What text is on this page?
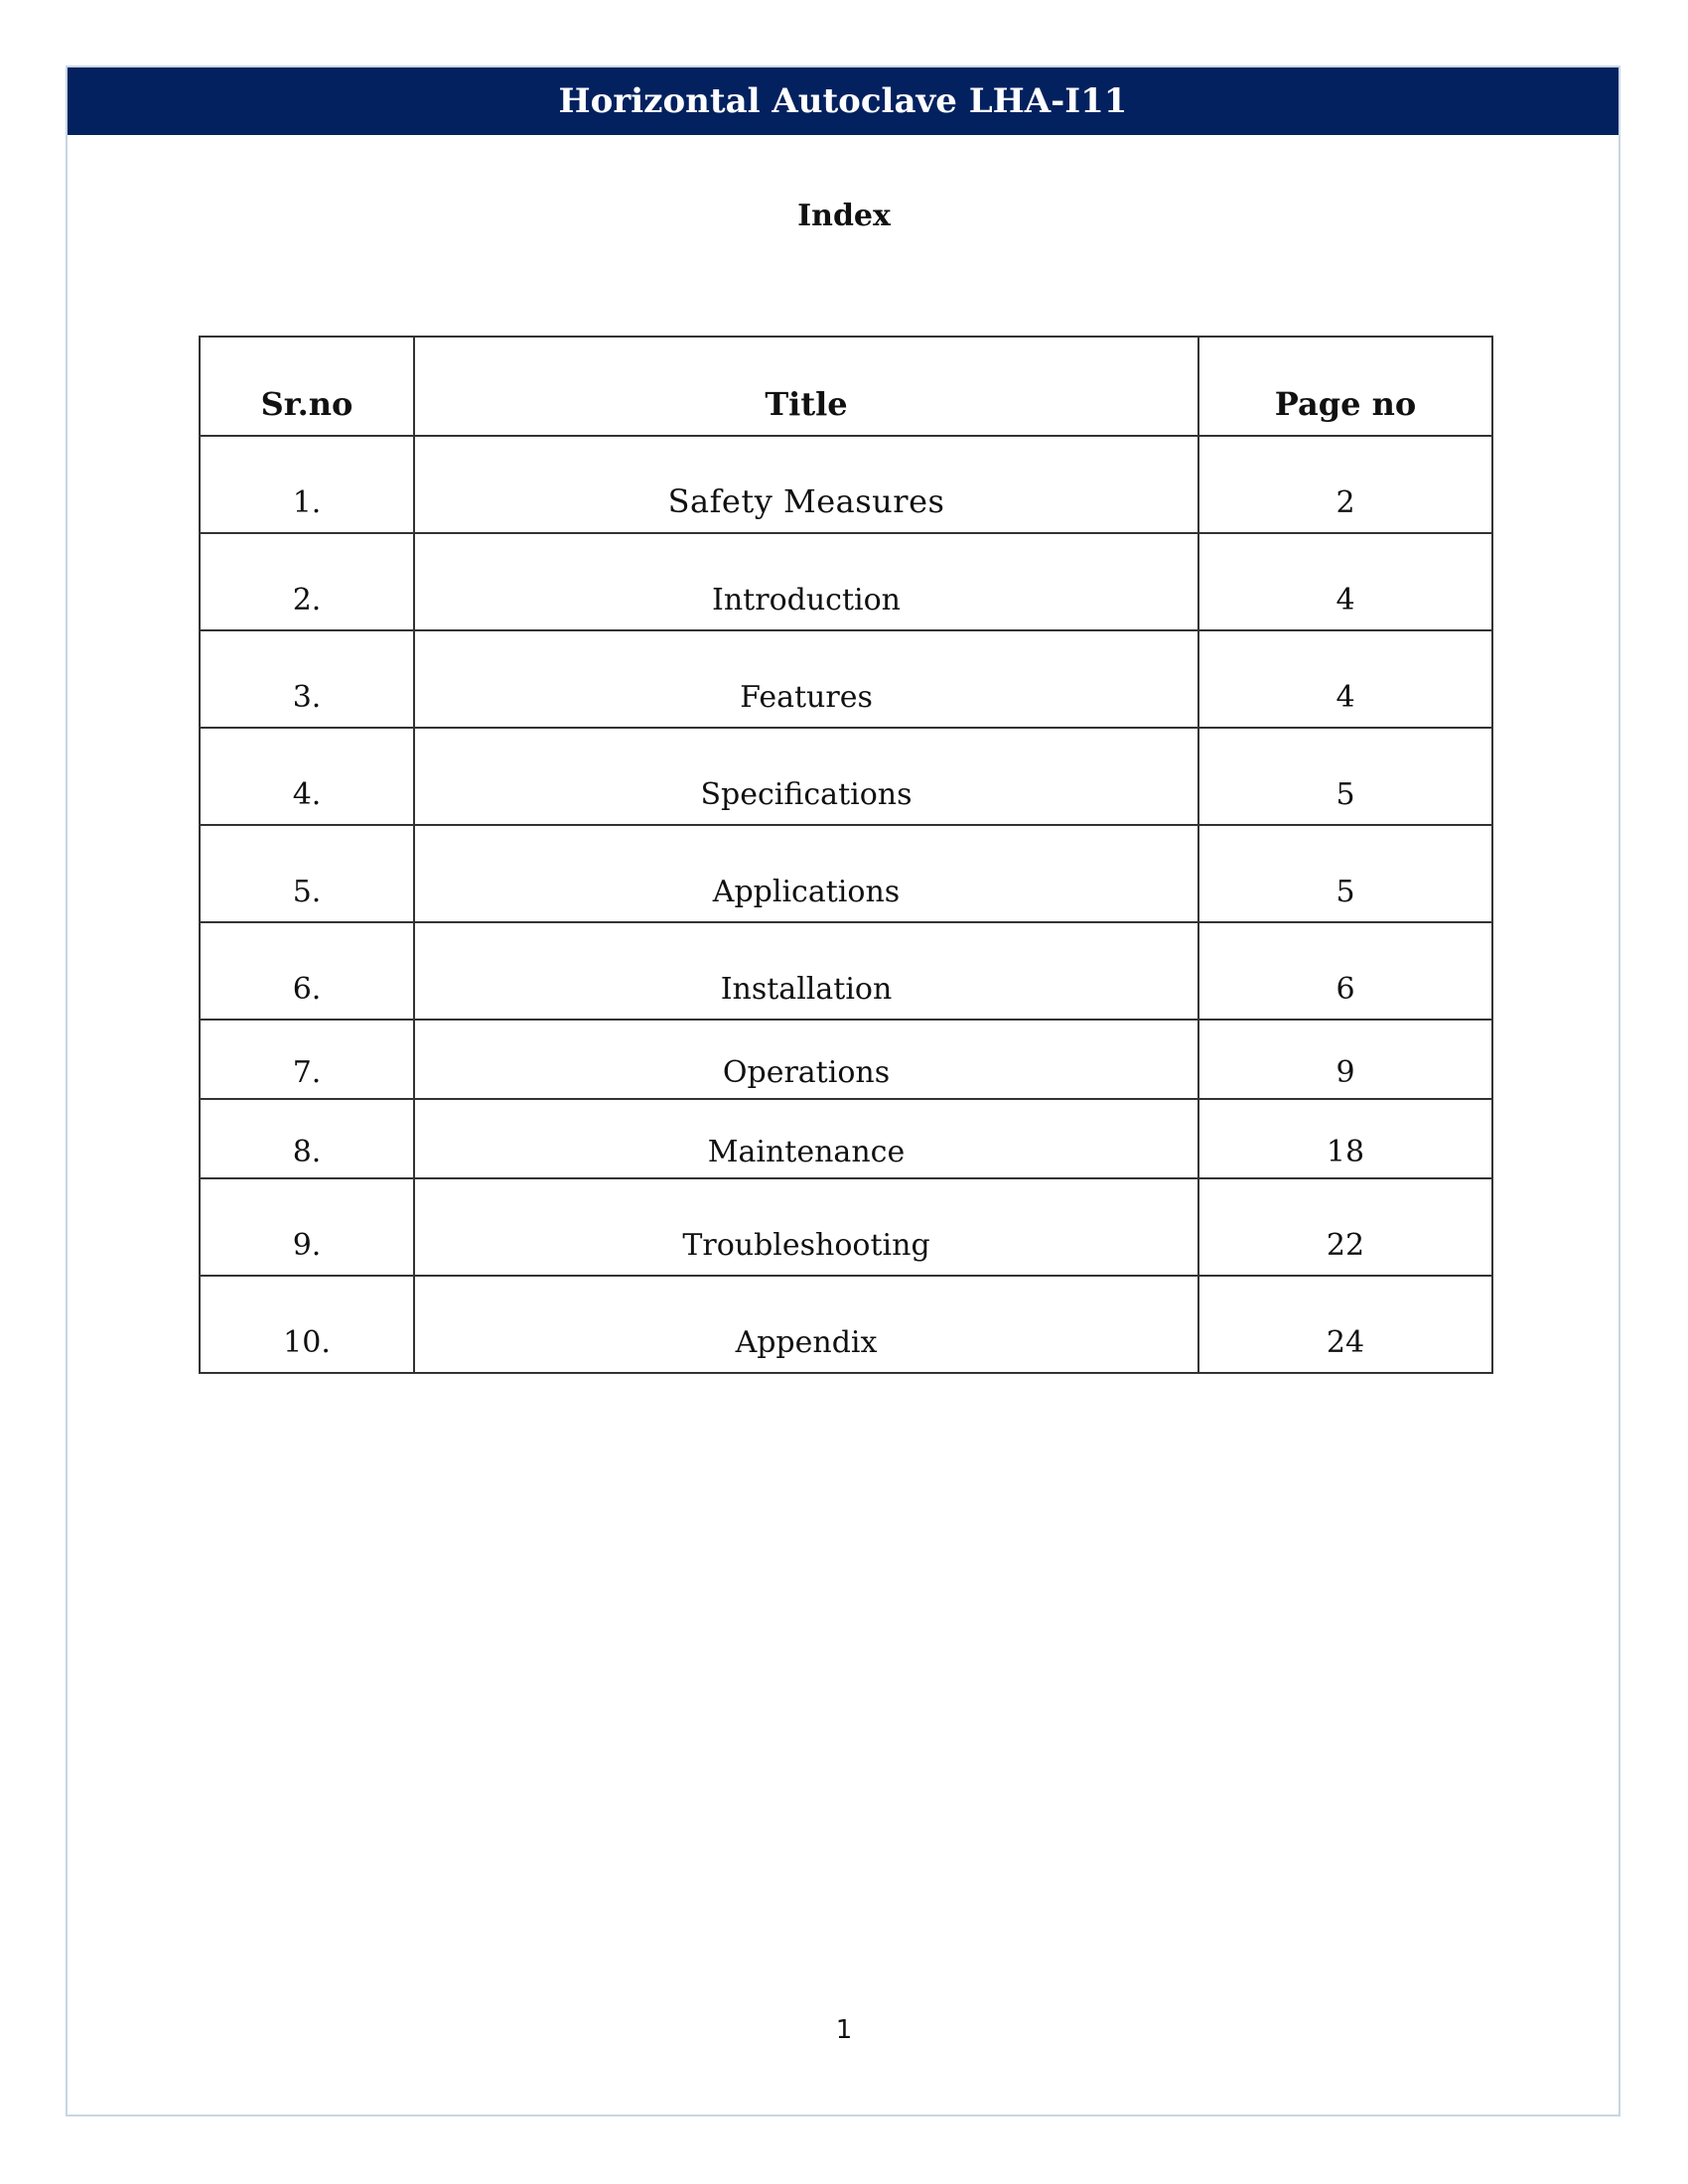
Horizontal Autoclave LHA-I11
Index
Sr.no	Title	Page no
1.	Safety Measures	2
2.	Introduction	4
3.	Features	4
4.	Specifications	5
5.	Applications	5
6.	Installation	6
7.	Operations	9
8.	Maintenance	18
9.	Troubleshooting	22
10.	Appendix	24
1
